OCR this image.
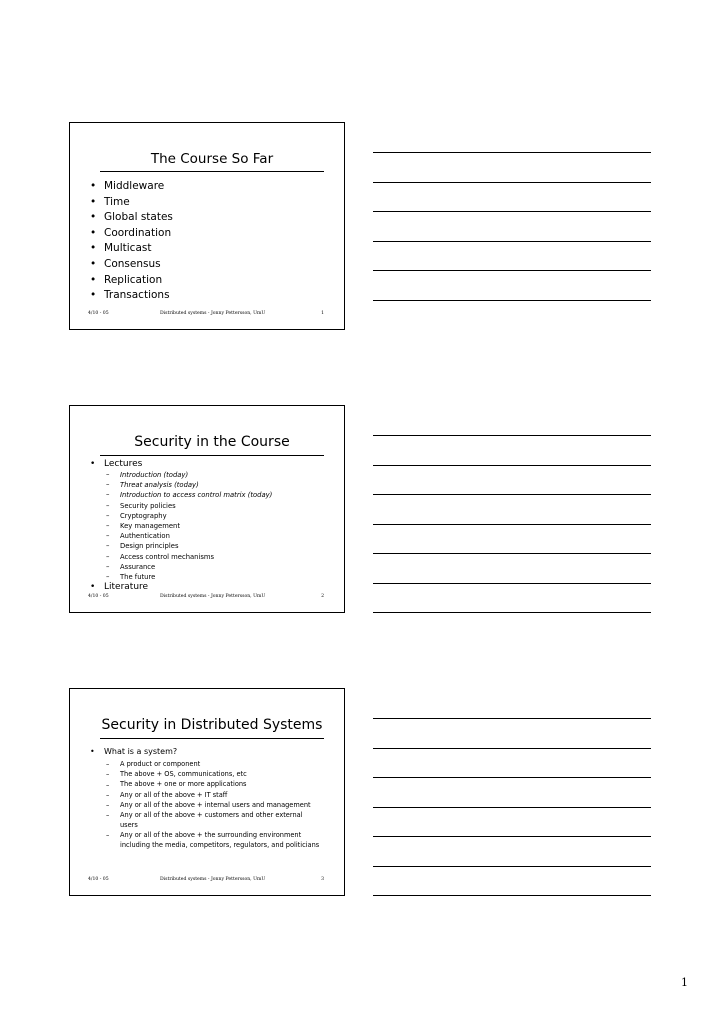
The Course So Far
• Middleware
• Time
• Global states
• Coordination
• Multicast
• Consensus
• Replication
• Transactions
4/10 - 05	Distributed systems - Jonny Pettersson, UmU	1
Security in the Course
• Lectures
– Introduction (today)
– Threat analysis (today)
– Introduction to access control matrix (today)
– Security policies
– Cryptography
– Key management
– Authentication
– Design principles
– Access control mechanisms
– Assurance
– The future
• Literature
4/10 - 05	Distributed systems - Jonny Pettersson, UmU	2
Security in Distributed Systems
• What is a system?
– A product or component
– The above + OS, communications, etc
– The above + one or more applications
– Any or all of the above + IT staff
– Any or all of the above + internal users and management
– Any or all of the above + customers and other external users
– Any or all of the above + the surrounding environment including the media, competitors, regulators, and politicians
4/10 - 05	Distributed systems - Jonny Pettersson, UmU	3
1
